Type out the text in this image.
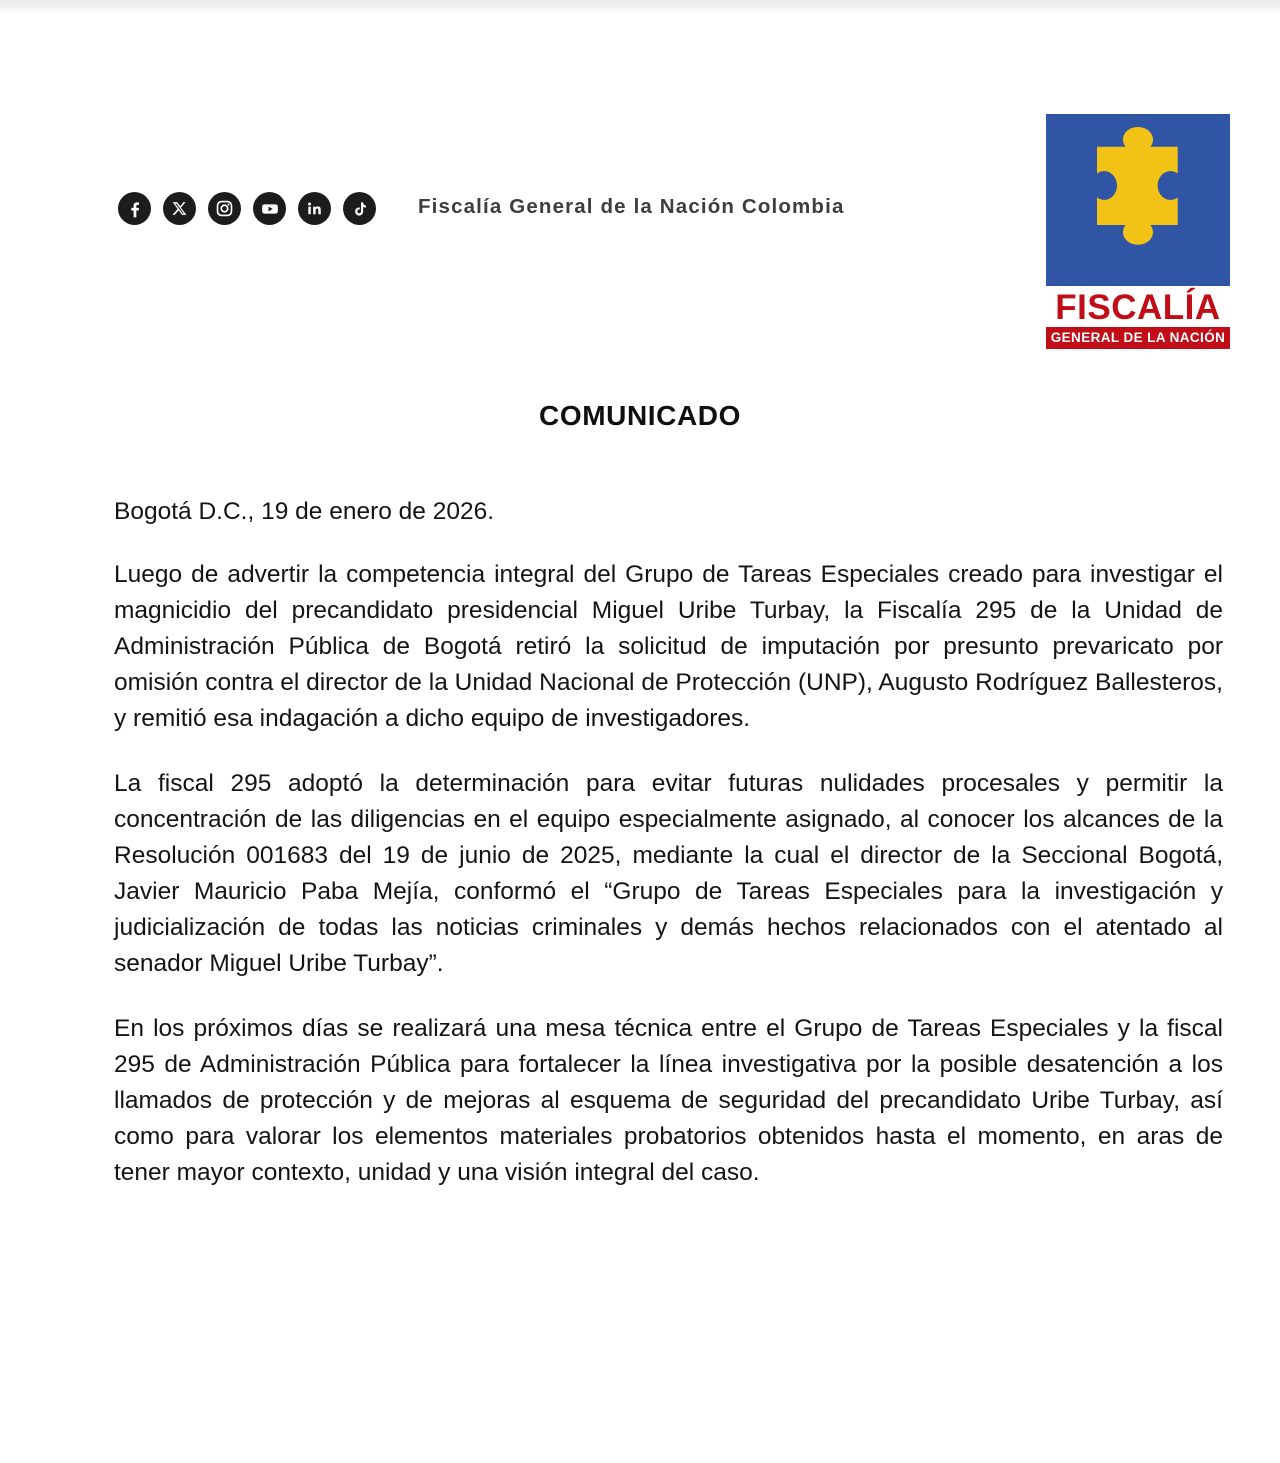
Fiscalía General de la Nación Colombia
FISCALÍA
GENERAL DE LA NACIÓN
COMUNICADO

Bogotá D.C., 19 de enero de 2026.

Luego de advertir la competencia integral del Grupo de Tareas Especiales creado para investigar el magnicidio del precandidato presidencial Miguel Uribe Turbay, la Fiscalía 295 de la Unidad de Administración Pública de Bogotá retiró la solicitud de imputación por presunto prevaricato por omisión contra el director de la Unidad Nacional de Protección (UNP), Augusto Rodríguez Ballesteros, y remitió esa indagación a dicho equipo de investigadores.

La fiscal 295 adoptó la determinación para evitar futuras nulidades procesales y permitir la concentración de las diligencias en el equipo especialmente asignado, al conocer los alcances de la Resolución 001683 del 19 de junio de 2025, mediante la cual el director de la Seccional Bogotá, Javier Mauricio Paba Mejía, conformó el “Grupo de Tareas Especiales para la investigación y judicialización de todas las noticias criminales y demás hechos relacionados con el atentado al senador Miguel Uribe Turbay”.

En los próximos días se realizará una mesa técnica entre el Grupo de Tareas Especiales y la fiscal 295 de Administración Pública para fortalecer la línea investigativa por la posible desatención a los llamados de protección y de mejoras al esquema de seguridad del precandidato Uribe Turbay, así como para valorar los elementos materiales probatorios obtenidos hasta el momento, en aras de tener mayor contexto, unidad y una visión integral del caso.
